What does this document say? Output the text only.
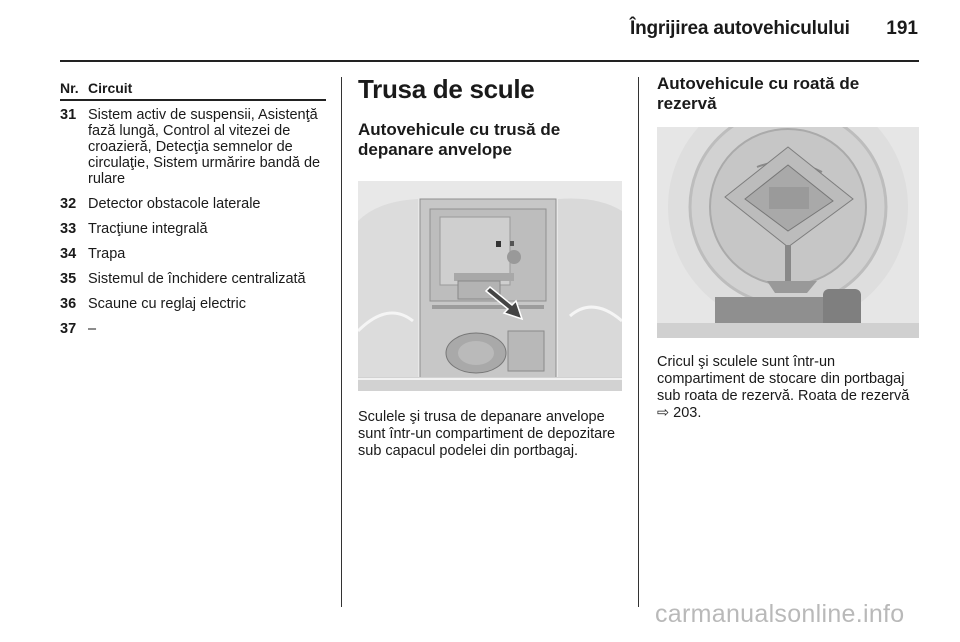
Îngrijirea autovehiculului 191
Nr. Circuit
31 Sistem activ de suspensii, Asistenţă fază lungă, Control al vitezei de croazieră, Detecţia semnelor de circulaţie, Sistem urmărire bandă de rulare
32 Detector obstacole laterale
33 Tracţiune integrală
34 Trapa
35 Sistemul de închidere centralizată
36 Scaune cu reglaj electric
37 –
Trusa de scule
Autovehicule cu trusă de depanare anvelope

Sculele şi trusa de depanare anvelope sunt într-un compartiment de depozitare sub capacul podelei din portbagaj.

Autovehicule cu roată de rezervă

Cricul şi sculele sunt într-un compartiment de stocare din portbagaj sub roata de rezervă. Roata de rezervă ⇨ 203.

carmanualsonline.info
